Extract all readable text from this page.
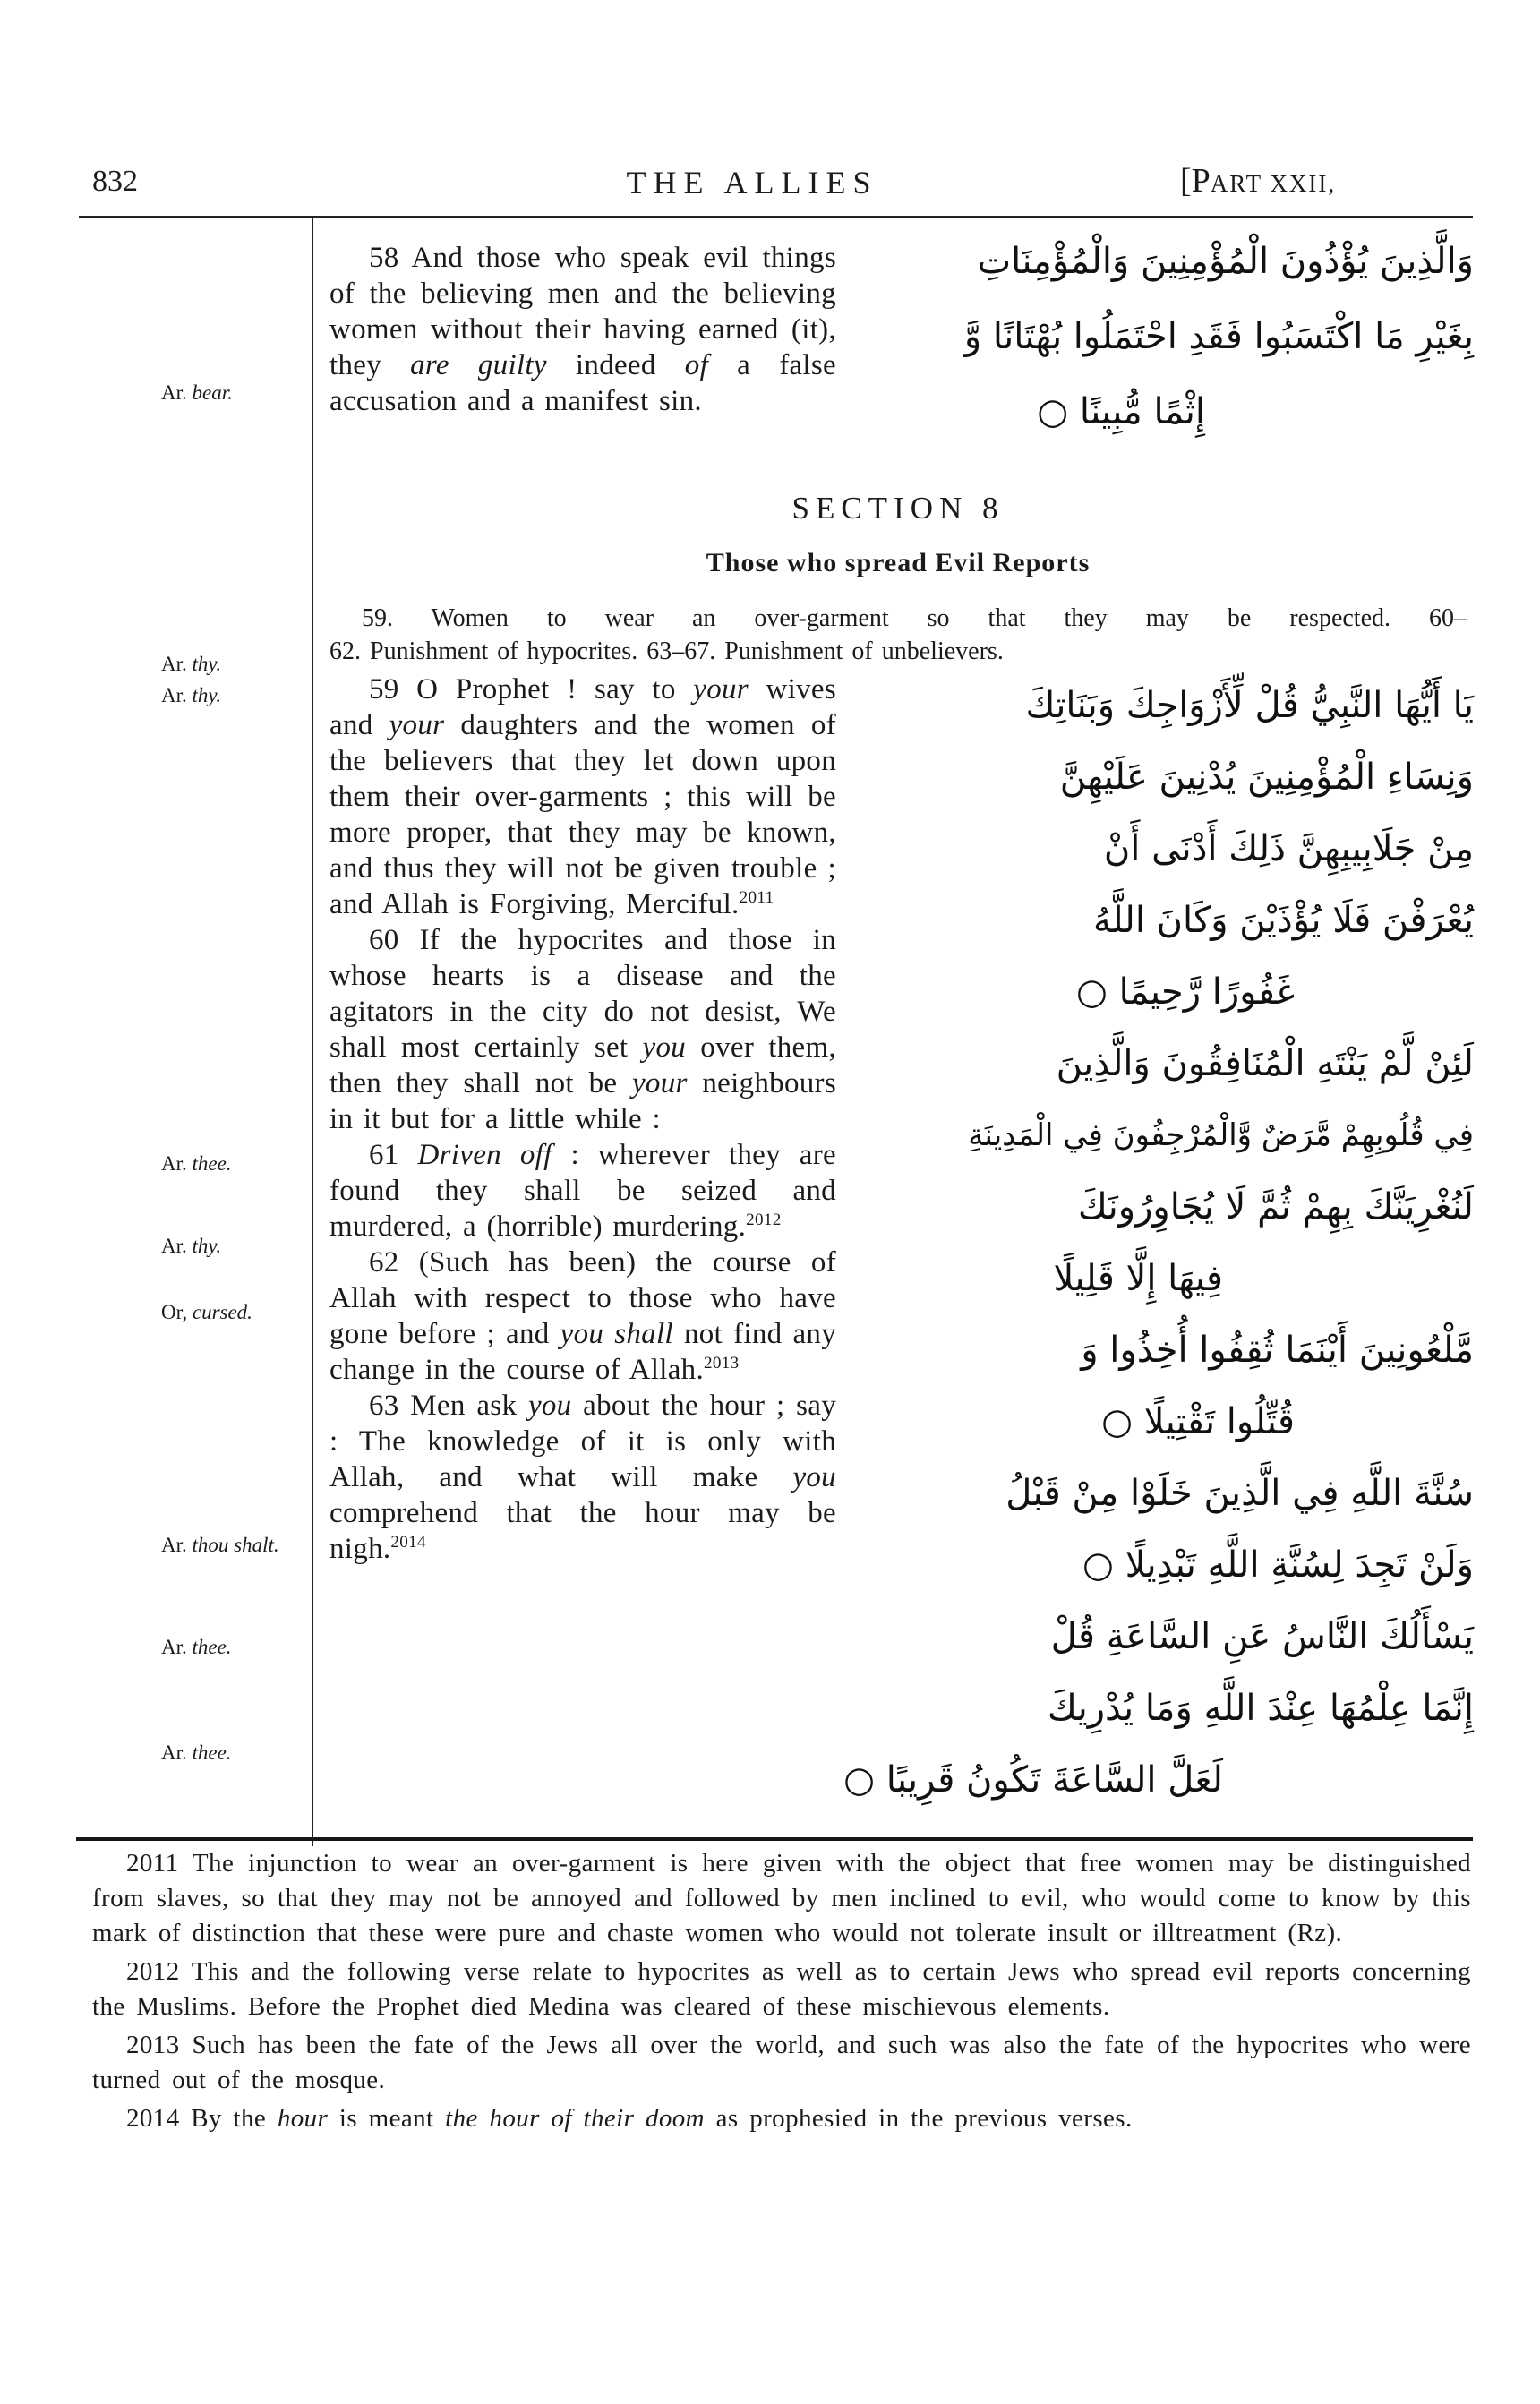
832	THE ALLIES	[PART XXII,
Ar. bear.
Ar. thy.
Ar. thy.
Ar. thee.
Ar. thy.
Or, cursed.
Ar. thou shalt.
Ar. thee.
Ar. thee.

58 And those who speak evil things of the believing men and the believing women without their having earned (it), they are guilty indeed of a false accusation and a manifest sin.

SECTION 8
Those who spread Evil Reports
59. Women to wear an over-garment so that they may be respected. 60–
62. Punishment of hypocrites. 63–67. Punishment of unbelievers.

59 O Prophet ! say to your wives and your daughters and the women of the believers that they let down upon them their over-garments ; this will be more proper, that they may be known, and thus they will not be given trouble ; and Allah is Forgiving, Merciful.$^{2011}$

60 If the hypocrites and those in whose hearts is a disease and the agitators in the city do not desist, We shall most certainly set you over them, then they shall not be your neighbours in it but for a little while :

61 Driven off : wherever they are found they shall be seized and murdered, a (horrible) murdering.$^{2012}$

62 (Such has been) the course of Allah with respect to those who have gone before ; and you shall not find any change in the course of Allah.$^{2013}$

63 Men ask you about the hour ; say : The knowledge of it is only with Allah, and what will make you comprehend that the hour may be nigh.$^{2014}$

وَالَّذِينَ يُؤْذُونَ الْمُؤْمِنِينَ وَالْمُؤْمِنَاتِ
بِغَيْرِ مَا اكْتَسَبُوا فَقَدِ احْتَمَلُوا بُهْتَانًا وَّ
إِثْمًا مُّبِينًا ○
يَا أَيُّهَا النَّبِيُّ قُلْ لِّأَزْوَاجِكَ وَبَنَاتِكَ
وَنِسَاءِ الْمُؤْمِنِينَ يُدْنِينَ عَلَيْهِنَّ
مِنْ جَلَابِيبِهِنَّ ذَلِكَ أَدْنَى أَنْ
يُعْرَفْنَ فَلَا يُؤْذَيْنَ وَكَانَ اللَّهُ
غَفُورًا رَّحِيمًا ○
لَئِنْ لَّمْ يَنْتَهِ الْمُنَافِقُونَ وَالَّذِينَ
فِي قُلُوبِهِمْ مَّرَضٌ وَّالْمُرْجِفُونَ فِي الْمَدِينَةِ
لَنُغْرِيَنَّكَ بِهِمْ ثُمَّ لَا يُجَاوِرُونَكَ
فِيهَا إِلَّا قَلِيلًا
مَّلْعُونِينَ أَيْنَمَا ثُقِفُوا أُخِذُوا وَ
قُتِّلُوا تَقْتِيلًا ○
سُنَّةَ اللَّهِ فِي الَّذِينَ خَلَوْا مِنْ قَبْلُ
وَلَنْ تَجِدَ لِسُنَّةِ اللَّهِ تَبْدِيلًا ○
يَسْأَلُكَ النَّاسُ عَنِ السَّاعَةِ قُلْ
إِنَّمَا عِلْمُهَا عِنْدَ اللَّهِ وَمَا يُدْرِيكَ
لَعَلَّ السَّاعَةَ تَكُونُ قَرِيبًا ○

2011 The injunction to wear an over-garment is here given with the object that free women may be distinguished from slaves, so that they may not be annoyed and followed by men inclined to evil, who would come to know by this mark of distinction that these were pure and chaste women who would not tolerate insult or illtreatment (Rz).

2012 This and the following verse relate to hypocrites as well as to certain Jews who spread evil reports concerning the Muslims. Before the Prophet died Medina was cleared of these mischievous elements.

2013 Such has been the fate of the Jews all over the world, and such was also the fate of the hypocrites who were turned out of the mosque.

2014 By the hour is meant the hour of their doom as prophesied in the previous verses.
